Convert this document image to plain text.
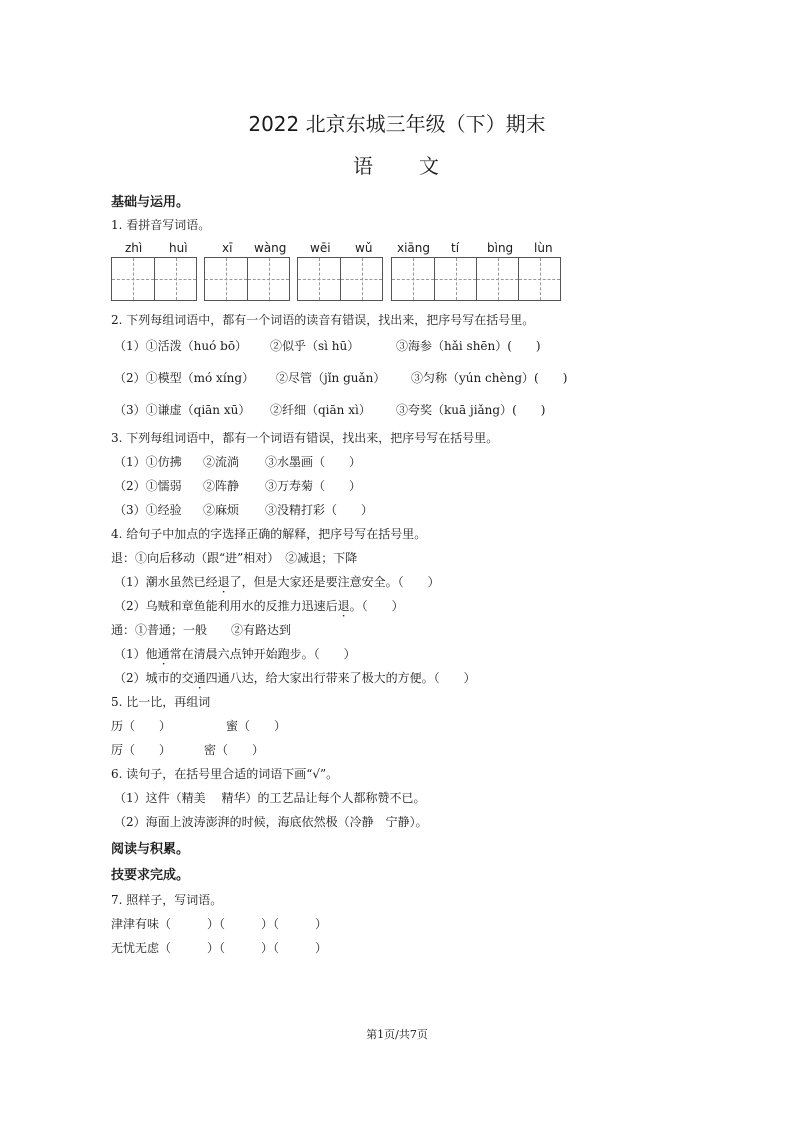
2022 北京东城三年级（下）期末
语 文
基础与运用。
1. 看拼音写词语。
zhì huì	xī wàng wēi wǔ xiāng tí bìng lùn
2. 下列每组词语中，都有一个词语的读音有错误，找出来，把序号写在括号里。
（1）①活泼（huó bō） ②似乎（sì hū）	③海参（hǎi shēn）(　　)
（2）①模型（mó xíng） ②尽管（jǐn guǎn） ③匀称（yún chèng）(　　)
（3）①谦虚（qiān xū） ②纤细（qiān xì） ③夸奖（kuā jiǎng）(　　)
3. 下列每组词语中，都有一个词语有错误，找出来，把序号写在括号里。
（1）①仿拂 ②流淌 ③水墨画（　　）
（2）①懦弱 ②阵静 ③万寿菊（　　）
（3）①经验 ②麻烦 ③没精打彩（　　）
4. 给句子中加点的字选择正确的解释，把序号写在括号里。
退：①向后移动（跟“进”相对）　②减退；下降
（1）潮水虽然已经退了，但是大家还是要注意安全。（　　）
（2）乌贼和章鱼能利用水的反推力迅速后退。（　　）
通：①普通；一般　　②有路达到
（1）他通常在清晨六点钟开始跑步。（　　）
（2）城市的交通四通八达，给大家出行带来了极大的方便。（　　）
5. 比一比，再组词
历（　　）	蜜（　　）
厉（　　）	密（　　）
6. 读句子，在括号里合适的词语下画“√”。
（1）这件（精美　 精华）的工艺品让每个人都称赞不已。
（2）海面上波涛澎湃的时候，海底依然极（冷静　宁静）。
阅读与积累。
技要求完成。
7. 照样子，写词语。
津津有味（　　　）（　　　）（　　　）
无忧无虑（　　　）（　　　）（　　　）
第1页/共7页
